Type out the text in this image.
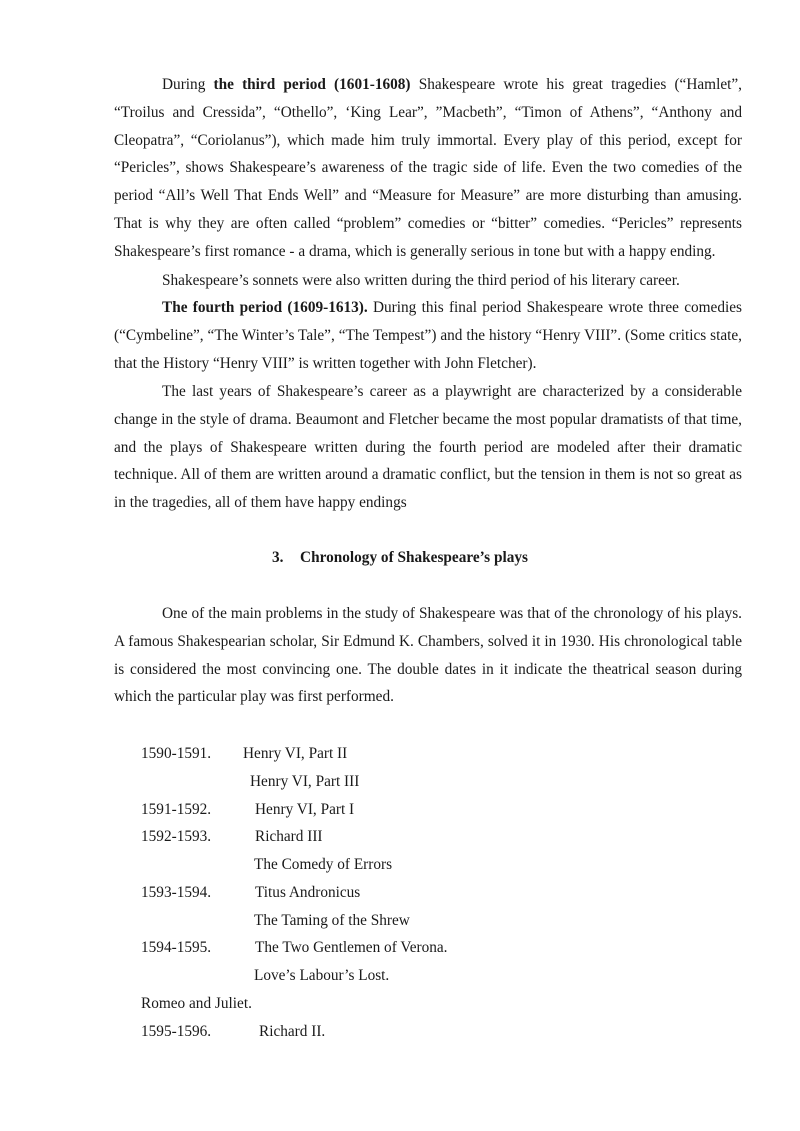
During the third period (1601-1608) Shakespeare wrote his great tragedies (“Hamlet”, “Troilus and Cressida”, “Othello”, ‘King Lear”, ”Macbeth”, “Timon of Athens”, “Anthony and Cleopatra”, “Coriolanus”), which made him truly immortal. Every play of this period, except for “Pericles”, shows Shakespeare’s awareness of the tragic side of life. Even the two comedies of the period “All’s Well That Ends Well” and “Measure for Measure” are more disturbing than amusing. That is why they are often called “problem” comedies or “bitter” comedies. “Pericles” represents Shakespeare’s first romance - a drama, which is generally serious in tone but with a happy ending.

Shakespeare’s sonnets were also written during the third period of his literary career.

The fourth period (1609-1613). During this final period Shakespeare wrote three comedies (“Cymbeline”, “The Winter’s Tale”, “The Tempest”) and the history “Henry VIII”. (Some critics state, that the History “Henry VIII” is written together with John Fletcher).

The last years of Shakespeare’s career as a playwright are characterized by a considerable change in the style of drama. Beaumont and Fletcher became the most popular dramatists of that time, and the plays of Shakespeare written during the fourth period are modeled after their dramatic technique. All of them are written around a dramatic conflict, but the tension in them is not so great as in the tragedies, all of them have happy endings

3. Chronology of Shakespeare’s plays

One of the main problems in the study of Shakespeare was that of the chronology of his plays. A famous Shakespearian scholar, Sir Edmund K. Chambers, solved it in 1930. His chronological table is considered the most convincing one. The double dates in it indicate the theatrical season during which the particular play was first performed.

1590-1591. Henry VI, Part II
Henry VI, Part III
1591-1592.	Henry VI, Part I
1592-1593.	Richard III
The Comedy of Errors
1593-1594.	Titus Andronicus
The Taming of the Shrew
1594-1595.	The Two Gentlemen of Verona.
Love’s Labour’s Lost.
Romeo and Juliet.
1595-1596.	Richard II.
